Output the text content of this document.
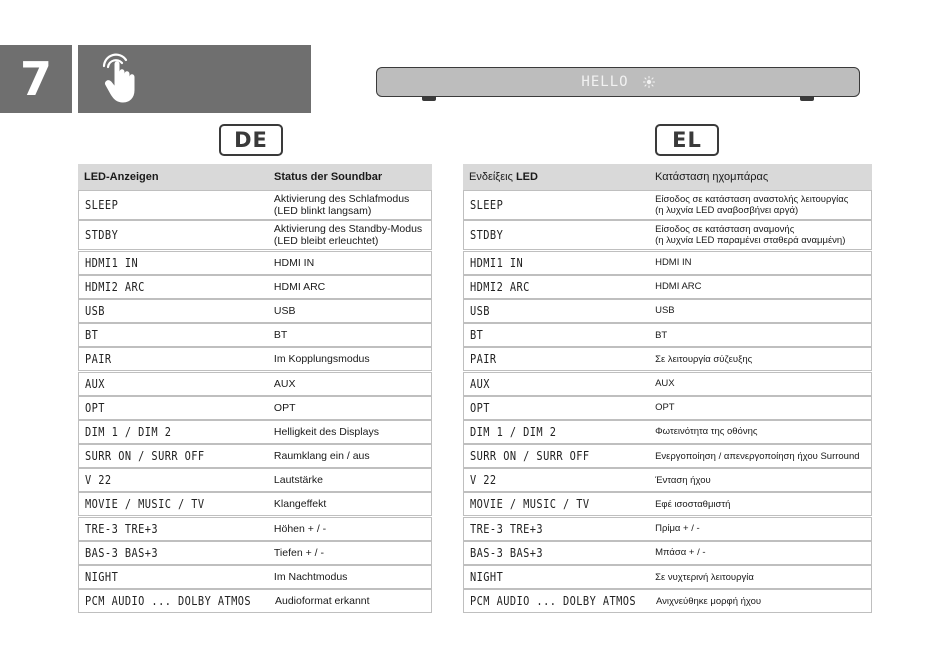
7	HELLO
DE	EL
LED-Anzeigen	Status der Soundbar
SLEEP	Aktivierung des Schlafmodus
(LED blinkt langsam)
STDBY	Aktivierung des Standby-Modus
(LED bleibt erleuchtet)
HDMI1 IN	HDMI IN
HDMI2 ARC	HDMI ARC
USB	USB
BT	BT
PAIR	Im Kopplungsmodus
AUX	AUX
OPT	OPT
DIM 1 / DIM 2	Helligkeit des Displays
SURR ON / SURR OFF	Raumklang ein / aus
V 22	Lautstärke
MOVIE / MUSIC / TV	Klangeffekt
TRE-3 TRE+3	Höhen + / -
BAS-3 BAS+3	Tiefen + / -
NIGHT	Im Nachtmodus
PCM AUDIO ... DOLBY ATMOS	Audioformat erkannt
Ενδείξεις LED	Κατάσταση ηχομπάρας
SLEEP	Είσοδος σε κατάσταση αναστολής λειτουργίας
(η λυχνία LED αναβοσβήνει αργά)
STDBY	Είσοδος σε κατάσταση αναμονής
(η λυχνία LED παραμένει σταθερά αναμμένη)
HDMI1 IN	HDMI IN
HDMI2 ARC	HDMI ARC
USB	USB
BT	BT
PAIR	Σε λειτουργία σύζευξης
AUX	AUX
OPT	OPT
DIM 1 / DIM 2	Φωτεινότητα της οθόνης
SURR ON / SURR OFF	Ενεργοποίηση / απενεργοποίηση ήχου Surround
V 22	Ένταση ήχου
MOVIE / MUSIC / TV	Εφέ ισοσταθμιστή
TRE-3 TRE+3	Πρίμα + / -
BAS-3 BAS+3	Μπάσα + / -
NIGHT	Σε νυχτερινή λειτουργία
PCM AUDIO ... DOLBY ATMOS	Ανιχνεύθηκε μορφή ήχου
